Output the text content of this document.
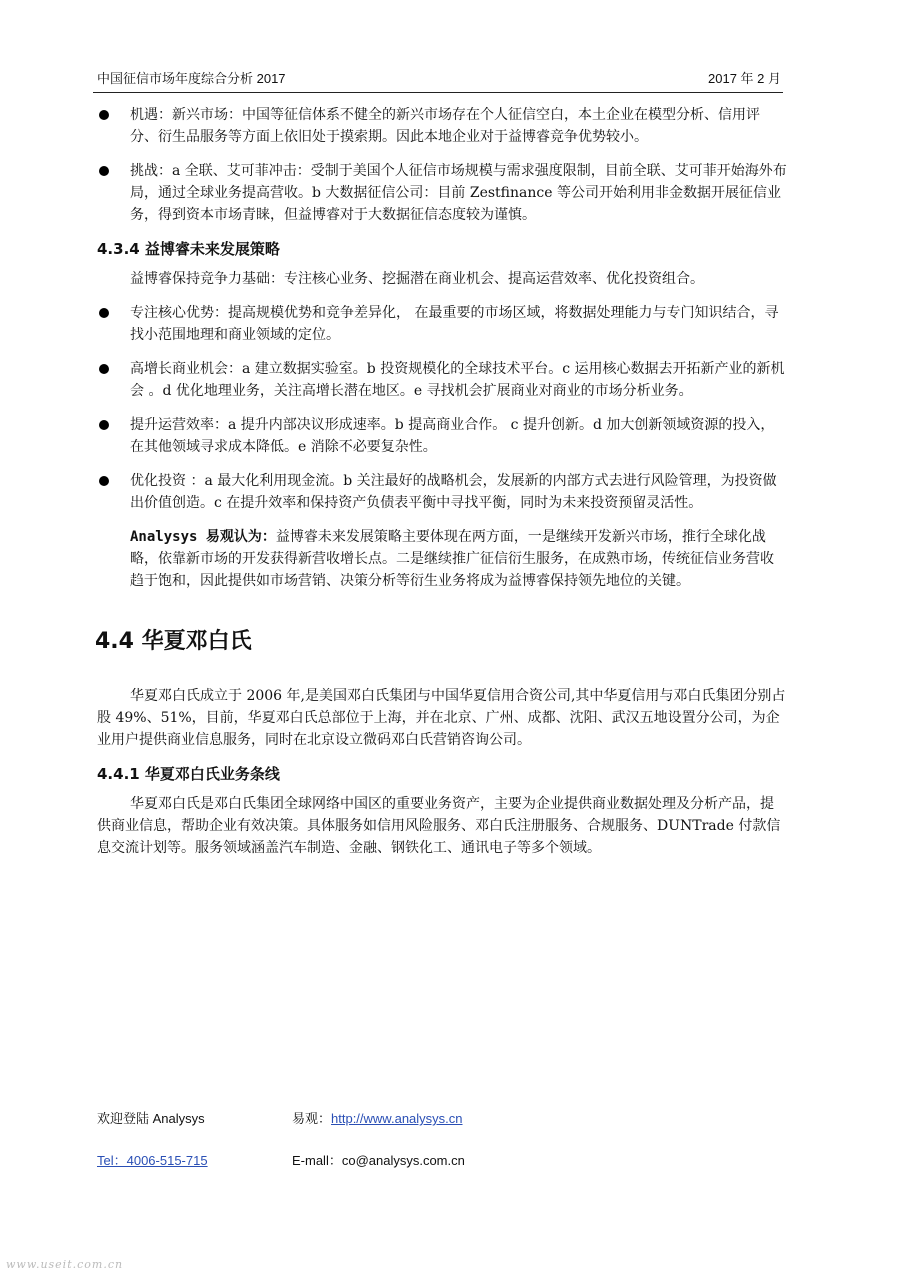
中国征信市场年度综合分析 2017	2017 年 2 月
机遇：新兴市场：中国等征信体系不健全的新兴市场存在个人征信空白，本土企业在模型分析、信用评分、衍生品服务等方面上依旧处于摸索期。因此本地企业对于益博睿竞争优势较小。
挑战：a 全联、艾可菲冲击：受制于美国个人征信市场规模与需求强度限制，目前全联、艾可菲开始海外布局，通过全球业务提高营收。b 大数据征信公司：目前 Zestfinance 等公司开始利用非金数据开展征信业务，得到资本市场青睐，但益博睿对于大数据征信态度较为谨慎。
4.3.4 益博睿未来发展策略
益博睿保持竞争力基础：专注核心业务、挖掘潜在商业机会、提高运营效率、优化投资组合。
专注核心优势：提高规模优势和竞争差异化， 在最重要的市场区域，将数据处理能力与专门知识结合，寻找小范围地理和商业领域的定位。
高增长商业机会：a 建立数据实验室。b 投资规模化的全球技术平台。c 运用核心数据去开拓新产业的新机会 。d 优化地理业务，关注高增长潜在地区。e 寻找机会扩展商业对商业的市场分析业务。
提升运营效率：a 提升内部决议形成速率。b 提高商业合作。 c 提升创新。d 加大创新领域资源的投入，在其他领域寻求成本降低。e 消除不必要复杂性。
优化投资 ：a 最大化利用现金流。b 关注最好的战略机会，发展新的内部方式去进行风险管理，为投资做出价值创造。c 在提升效率和保持资产负债表平衡中寻找平衡，同时为未来投资预留灵活性。
Analysys 易观认为：益博睿未来发展策略主要体现在两方面，一是继续开发新兴市场，推行全球化战略，依靠新市场的开发获得新营收增长点。二是继续推广征信衍生服务，在成熟市场，传统征信业务营收趋于饱和，因此提供如市场营销、决策分析等衍生业务将成为益博睿保持领先地位的关键。
4.4 华夏邓白氏
华夏邓白氏成立于 2006 年,是美国邓白氏集团与中国华夏信用合资公司,其中华夏信用与邓白氏集团分别占股 49%、51%，目前，华夏邓白氏总部位于上海，并在北京、广州、成都、沈阳、武汉五地设置分公司，为企业用户提供商业信息服务，同时在北京设立微码邓白氏营销咨询公司。
4.4.1 华夏邓白氏业务条线
华夏邓白氏是邓白氏集团全球网络中国区的重要业务资产，主要为企业提供商业数据处理及分析产品，提供商业信息，帮助企业有效决策。具体服务如信用风险服务、邓白氏注册服务、合规服务、DUNTrade 付款信息交流计划等。服务领域涵盖汽车制造、金融、钢铁化工、通讯电子等多个领域。
欢迎登陆 Analysys	易观：http://www.analysys.cn
Tel：4006-515-715	E-mall：co@analysys.com.cn
www.useit.com.cn
